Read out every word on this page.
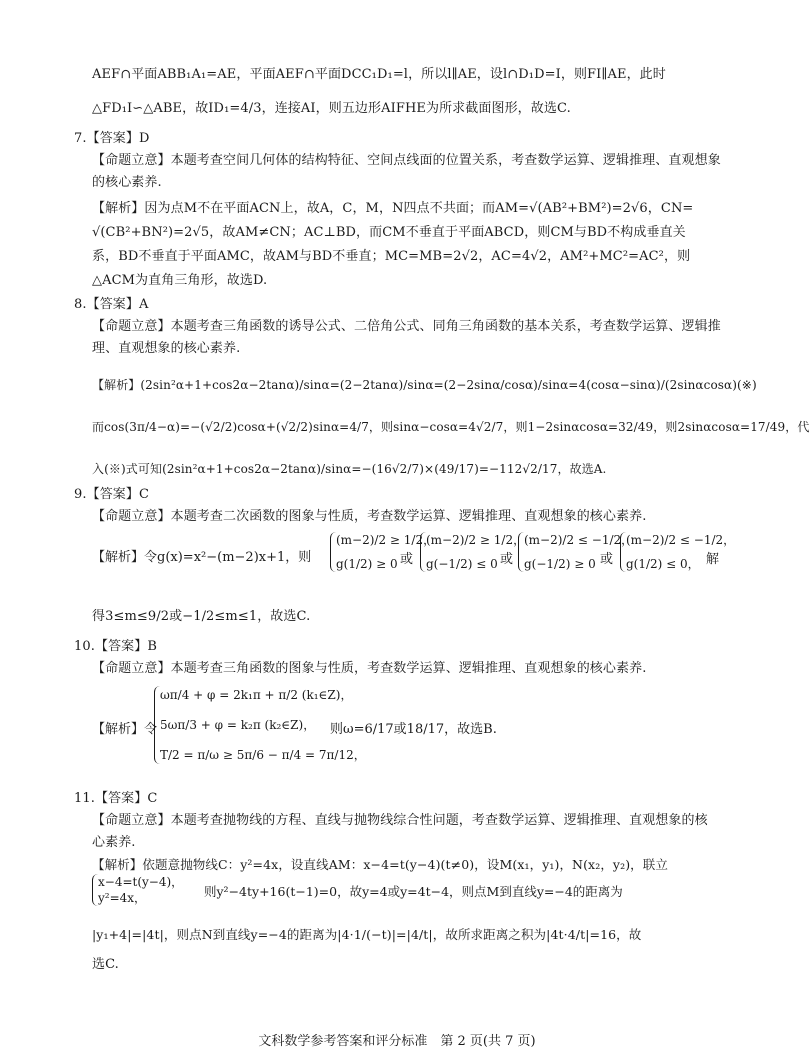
AEF∩平面ABB₁A₁=AE，平面AEF∩平面DCC₁D₁=l，所以l∥AE，设l∩D₁D=I，则FI∥AE，此时
△FD₁I∽△ABE，故ID₁=4/3，连接AI，则五边形AIFHE为所求截面图形，故选C.
7.【答案】D
【命题立意】本题考查空间几何体的结构特征、空间点线面的位置关系，考查数学运算、逻辑推理、直观想象
的核心素养.
【解析】因为点M不在平面ACN上，故A，C，M，N四点不共面；而AM=√(AB²+BM²)=2√6，CN=
√(CB²+BN²)=2√5，故AM≠CN；AC⊥BD，而CM不垂直于平面ABCD，则CM与BD不构成垂直关
系，BD不垂直于平面AMC，故AM与BD不垂直；MC=MB=2√2，AC=4√2，AM²+MC²=AC²，则
△ACM为直角三角形，故选D.
8.【答案】A
【命题立意】本题考查三角函数的诱导公式、二倍角公式、同角三角函数的基本关系，考查数学运算、逻辑推
理、直观想象的核心素养.
【解析】(2sin²α+1+cos2α−2tanα)/sinα=(2−2tanα)/sinα=(2−2sinα/cosα)/sinα=4(cosα−sinα)/(2sinαcosα)(※)
而cos(3π/4−α)=−(√2/2)cosα+(√2/2)sinα=4/7，则sinα−cosα=4√2/7，则1−2sinαcosα=32/49，则2sinαcosα=17/49，代
入(※)式可知(2sin²α+1+cos2α−2tanα)/sinα=−(16√2/7)×(49/17)=−112√2/17，故选A.
9.【答案】C
【命题立意】本题考查二次函数的图象与性质，考查数学运算、逻辑推理、直观想象的核心素养.
【解析】令g(x)=x²−(m−2)x+1，则
(m−2)/2 ≥ 1/2，
g(1/2) ≥ 0 或
(m−2)/2 ≥ 1/2，
g(−1/2) ≤ 0 或
(m−2)/2 ≤ −1/2，
g(−1/2) ≥ 0 或
(m−2)/2 ≤ −1/2，
g(1/2) ≤ 0， 解
得3≤m≤9/2或−1/2≤m≤1，故选C.
10.【答案】B
【命题立意】本题考查三角函数的图象与性质，考查数学运算、逻辑推理、直观想象的核心素养.
【解析】令
ωπ/4 + φ = 2k₁π + π/2 (k₁∈Z)，
5ωπ/3 + φ = k₂π (k₂∈Z)，
T/2 = π/ω ≥ 5π/6 − π/4 = 7π/12，
则ω=6/17或18/17，故选B.
11.【答案】C
【命题立意】本题考查抛物线的方程、直线与抛物线综合性问题，考查数学运算、逻辑推理、直观想象的核
心素养.
【解析】依题意抛物线C：y²=4x，设直线AM：x−4=t(y−4)(t≠0)，设M(x₁，y₁)，N(x₂，y₂)，联立
x−4=t(y−4)，
y²=4x，	则y²−4ty+16(t−1)=0，故y=4或y=4t−4，则点M到直线y=−4的距离为
|y₁+4|=|4t|，则点N到直线y=−4的距离为|4·1/(−t)|=|4/t|，故所求距离之积为|4t·4/t|=16，故
选C.
文科数学参考答案和评分标准　第 2 页(共 7 页)
